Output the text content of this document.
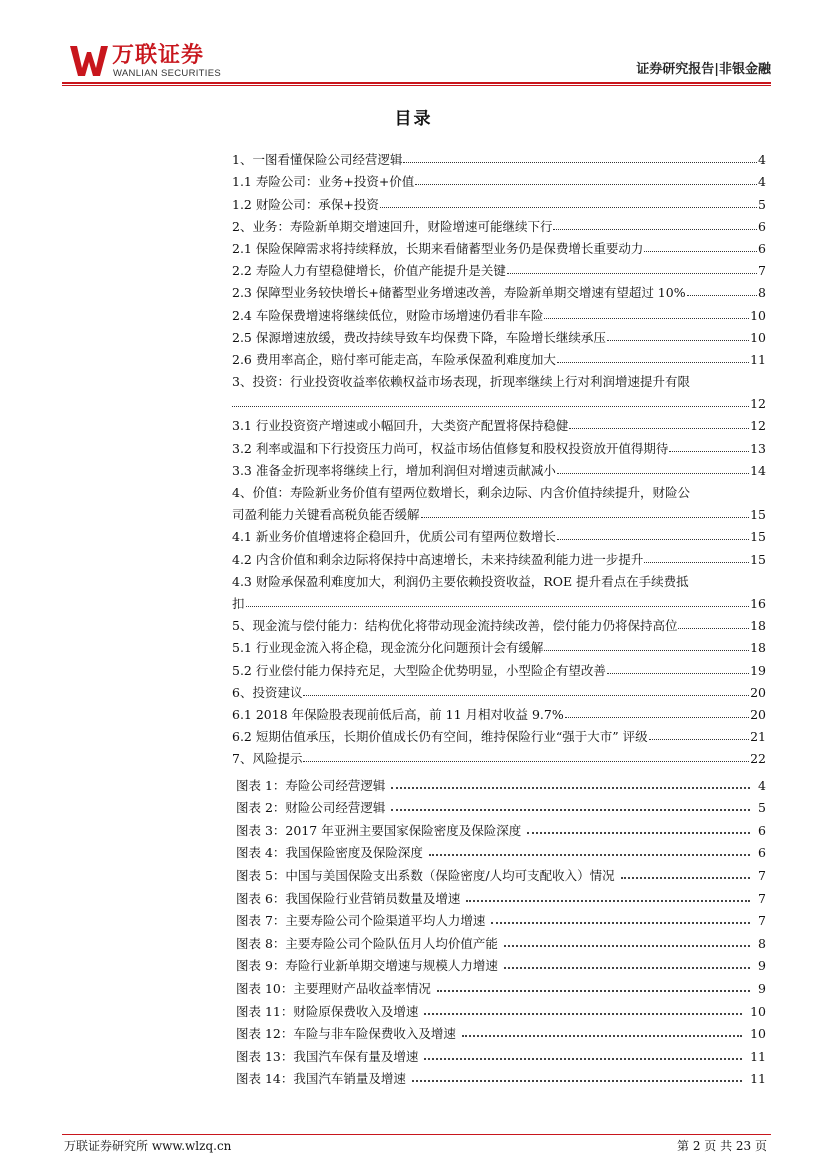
万联证券
WANLIAN SECURITIES	证券研究报告|非银金融
目录
1、一图看懂保险公司经营逻辑	4
1.1 寿险公司：业务+投资+价值	4
1.2 财险公司：承保+投资	5
2、业务：寿险新单期交增速回升，财险增速可能继续下行	6
2.1 保险保障需求将持续释放，长期来看储蓄型业务仍是保费增长重要动力	6
2.2 寿险人力有望稳健增长，价值产能提升是关键	7
2.3 保障型业务较快增长+储蓄型业务增速改善，寿险新单期交增速有望超过 10%	8
2.4 车险保费增速将继续低位，财险市场增速仍看非车险	10
2.5 保源增速放缓，费改持续导致车均保费下降，车险增长继续承压	10
2.6 费用率高企，赔付率可能走高，车险承保盈利难度加大	11
3、投资：行业投资收益率依赖权益市场表现，折现率继续上行对利润增速提升有限
12
3.1 行业投资资产增速或小幅回升，大类资产配置将保持稳健	12
3.2 利率或温和下行投资压力尚可，权益市场估值修复和股权投资放开值得期待	13
3.3 准备金折现率将继续上行，增加利润但对增速贡献减小	14
4、价值：寿险新业务价值有望两位数增长，剩余边际、内含价值持续提升，财险公
司盈利能力关键看高税负能否缓解	15
4.1 新业务价值增速将企稳回升，优质公司有望两位数增长	15
4.2 内含价值和剩余边际将保持中高速增长，未来持续盈利能力进一步提升	15
4.3 财险承保盈利难度加大，利润仍主要依赖投资收益，ROE 提升看点在手续费抵
扣	16
5、现金流与偿付能力：结构优化将带动现金流持续改善，偿付能力仍将保持高位	18
5.1 行业现金流入将企稳，现金流分化问题预计会有缓解	18
5.2 行业偿付能力保持充足，大型险企优势明显，小型险企有望改善	19
6、投资建议	20
6.1 2018 年保险股表现前低后高，前 11 月相对收益 9.7%	20
6.2 短期估值承压，长期价值成长仍有空间，维持保险行业“强于大市” 评级	21
7、风险提示	22
图表 1：寿险公司经营逻辑	4
图表 2：财险公司经营逻辑	5
图表 3：2017 年亚洲主要国家保险密度及保险深度	6
图表 4：我国保险密度及保险深度	6
图表 5：中国与美国保险支出系数（保险密度/人均可支配收入）情况	7
图表 6：我国保险行业营销员数量及增速	7
图表 7：主要寿险公司个险渠道平均人力增速	7
图表 8：主要寿险公司个险队伍月人均价值产能	8
图表 9：寿险行业新单期交增速与规模人力增速	9
图表 10：主要理财产品收益率情况	9
图表 11：财险原保费收入及增速	10
图表 12：车险与非车险保费收入及增速	10
图表 13：我国汽车保有量及增速	11
图表 14：我国汽车销量及增速	11
万联证券研究所 www.wlzq.cn	第 2 页 共 23 页
